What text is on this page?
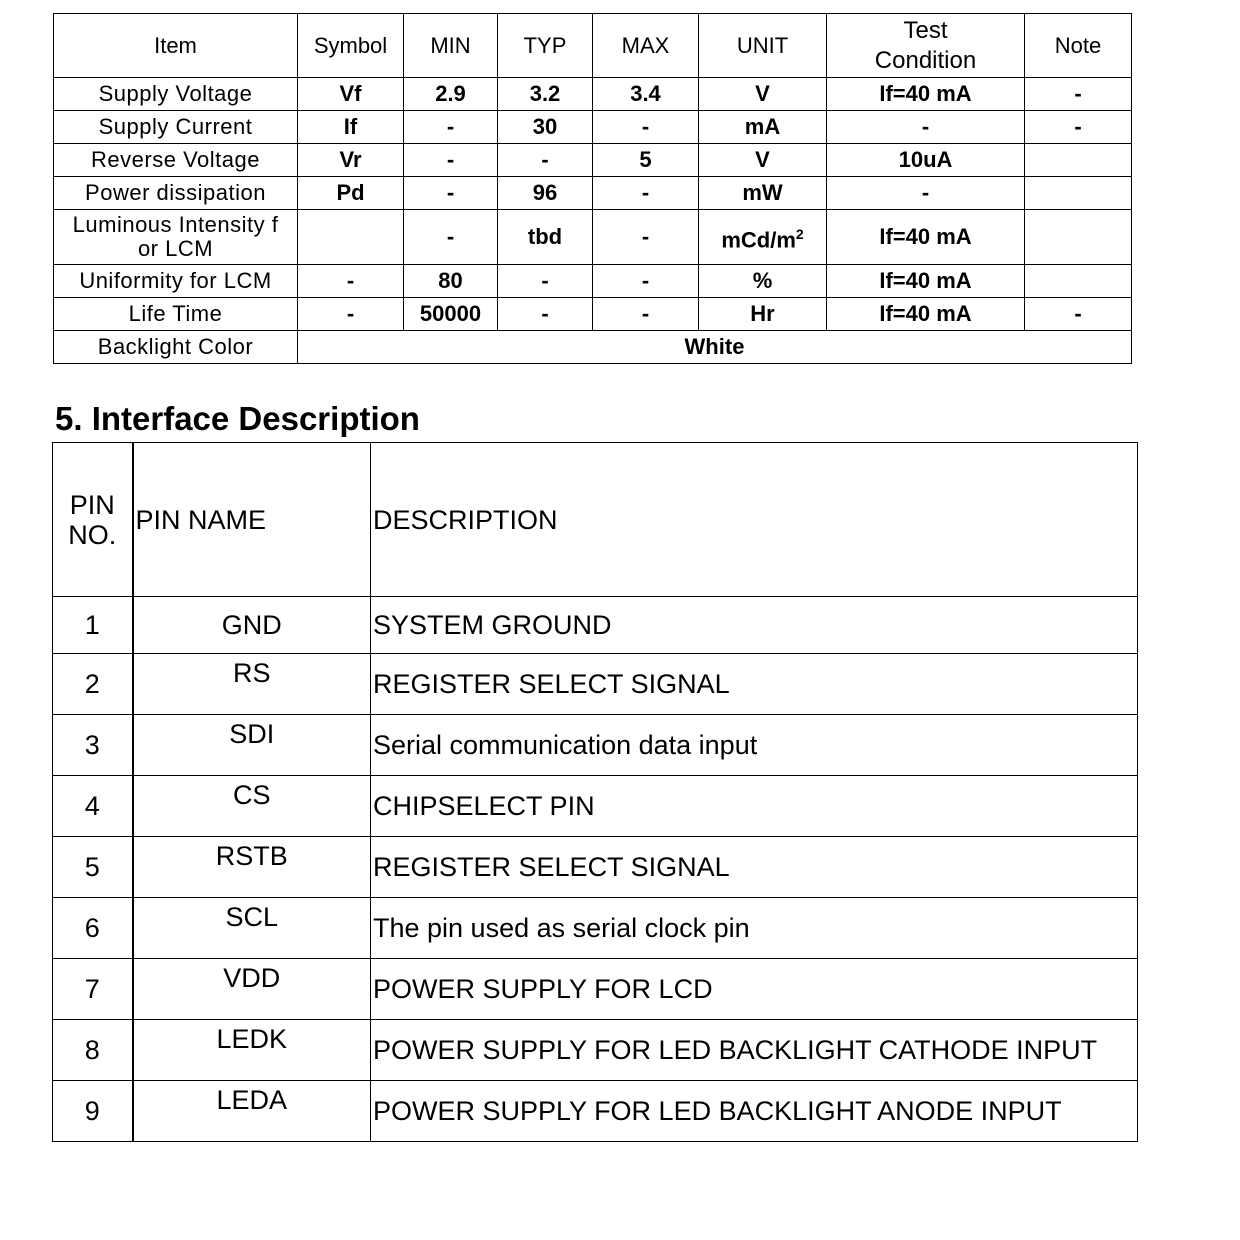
Item	Symbol	MIN	TYP	MAX	UNIT	Test
Condition	Note
Supply Voltage	Vf	2.9	3.2	3.4	V	If=40 mA	-
Supply Current	If	-	30	-	mA	-	-
Reverse Voltage	Vr	-	-	5	V	10uA	
Power dissipation	Pd	-	96	-	mW	-	

Luminous Intensity f
or LCM		-	tbd	-	mCd/$m^2$	If=40 mA	
Uniformity for LCM	-	80	-	-	%	If=40 mA	
Life Time	-	50000	-	-	Hr	If=40 mA	-
Backlight Color	White						
5. Interface Description
PIN
NO.	PIN NAME	DESCRIPTION
1	GND	SYSTEM GROUND
2	RS	REGISTER SELECT SIGNAL
3	SDI	Serial communication data input
4	CS	CHIPSELECT PIN
5	RSTB	REGISTER SELECT SIGNAL
6	SCL	The pin used as serial clock pin
7	VDD	POWER SUPPLY FOR LCD
8	LEDK	POWER SUPPLY FOR LED BACKLIGHT CATHODE INPUT
9	LEDA	POWER SUPPLY FOR LED BACKLIGHT ANODE INPUT
